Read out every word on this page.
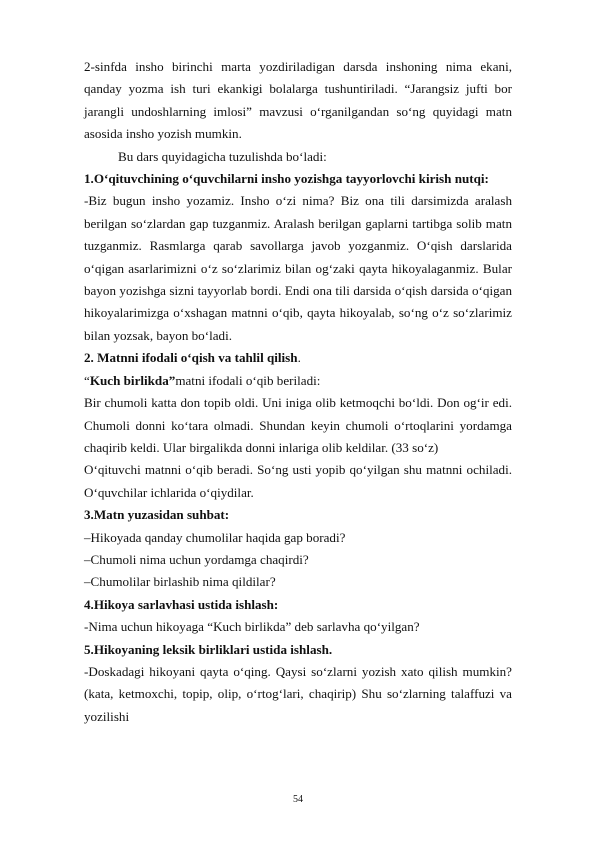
2-sinfda insho birinchi marta yozdiriladigan darsda inshoning nima ekani, qanday yozma ish turi ekankigi bolalarga tushuntiriladi. “Jarangsiz jufti bor jarangli undoshlarning imlosi” mavzusi o‘rganilgandan so‘ng quyidagi matn asosida insho yozish mumkin.

Bu dars quyidagicha tuzulishda bo‘ladi:

1.O‘qituvchining o‘quvchilarni insho yozishga tayyorlovchi kirish nutqi:

-Biz bugun insho yozamiz. Insho o‘zi nima? Biz ona tili darsimizda aralash berilgan so‘zlardan gap tuzganmiz. Aralash berilgan gaplarni tartibga solib matn tuzganmiz. Rasmlarga qarab savollarga javob yozganmiz. O‘qish darslarida o‘qigan asarlarimizni o‘z so‘zlarimiz bilan og‘zaki qayta hikoyalaganmiz. Bular bayon yozishga sizni tayyorlab bordi. Endi ona tili darsida o‘qish darsida o‘qigan hikoyalarimizga o‘xshagan matnni o‘qib, qayta hikoyalab, so‘ng o‘z so‘zlarimiz bilan yozsak, bayon bo‘ladi.

2. Matnni ifodali o‘qish va tahlil qilish.

“Kuch birlikda”matni ifodali o‘qib beriladi:

Bir chumoli katta don topib oldi. Uni iniga olib ketmoqchi bo‘ldi. Don og‘ir edi. Chumoli donni ko‘tara olmadi. Shundan keyin chumoli o‘rtoqlarini yordamga chaqirib keldi. Ular birgalikda donni inlariga olib keldilar. (33 so‘z)

O‘qituvchi matnni o‘qib beradi. So‘ng usti yopib qo‘yilgan shu matnni ochiladi. O‘quvchilar ichlarida o‘qiydilar.

3.Matn yuzasidan suhbat:

–Hikoyada qanday chumolilar haqida gap boradi?

–Chumoli nima uchun yordamga chaqirdi?

–Chumolilar birlashib nima qildilar?

4.Hikoya sarlavhasi ustida ishlash:

-Nima uchun hikoyaga “Kuch birlikda” deb sarlavha qo‘yilgan?

5.Hikoyaning leksik birliklari ustida ishlash.

-Doskadagi hikoyani qayta o‘qing. Qaysi so‘zlarni yozish xato qilish mumkin? (kata, ketmoxchi, topip, olip, o‘rtog‘lari, chaqirip) Shu so‘zlarning talaffuzi va yozilishi

54
